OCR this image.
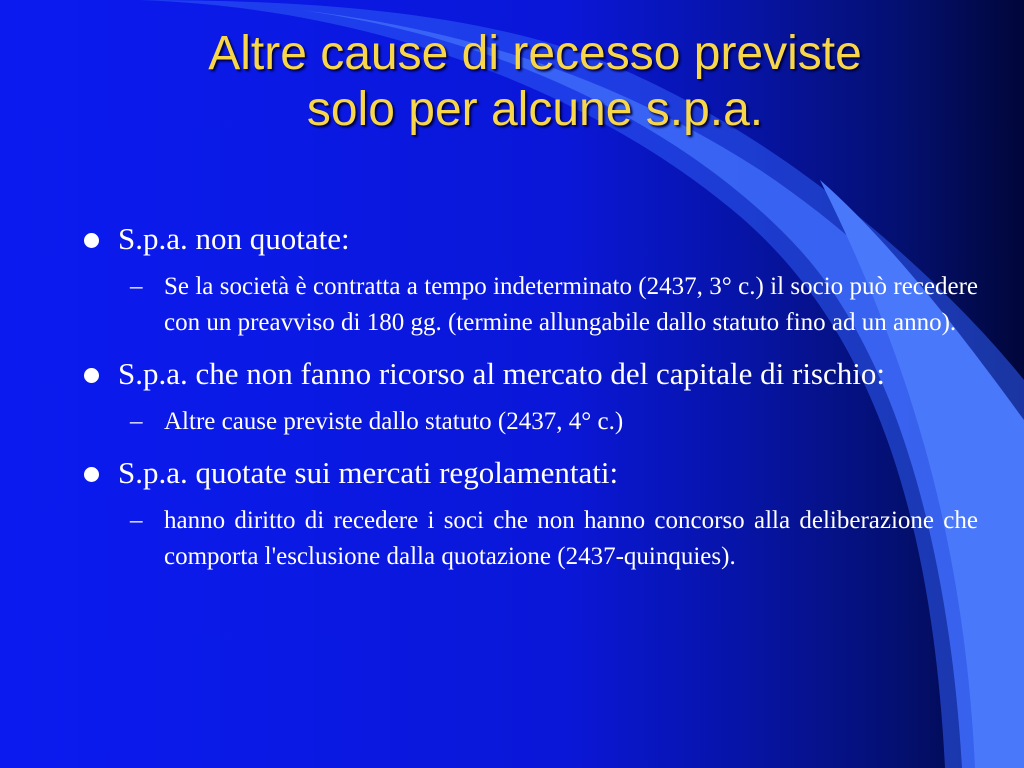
Altre cause di recesso previste
solo per alcune s.p.a.
S.p.a. non quotate:
– Se la società è contratta a tempo indeterminato (2437, 3° c.) il socio può recedere con un preavviso di 180 gg. (termine allungabile dallo statuto fino ad un anno).
S.p.a. che non fanno ricorso al mercato del capitale di rischio:
– Altre cause previste dallo statuto (2437, 4° c.)
S.p.a. quotate sui mercati regolamentati:
– hanno diritto di recedere i soci che non hanno concorso alla deliberazione che comporta l'esclusione dalla quotazione (2437-quinquies).
